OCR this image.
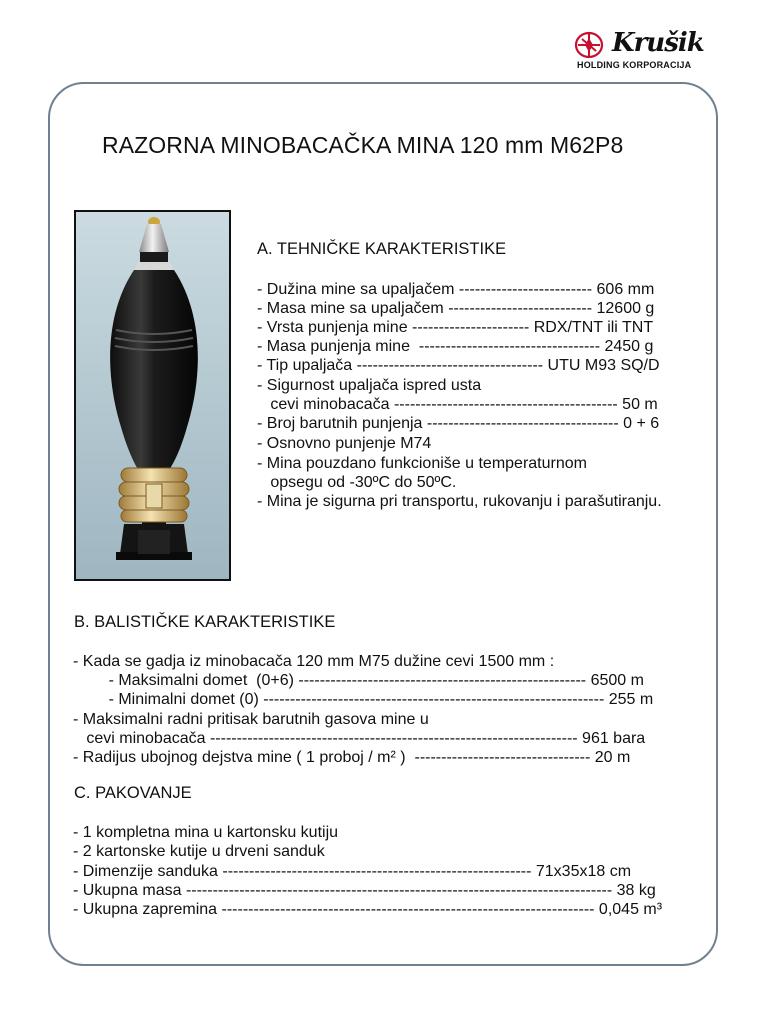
Krušik
HOLDING KORPORACIJA
RAZORNA MINOBACAČKA MINA 120 mm M62P8
A. TEHNIČKE KARAKTERISTIKE
- Dužina mine sa upaljačem ------------------------- 606 mm
- Masa mine sa upaljačem --------------------------- 12600 g
- Vrsta punjenja mine ---------------------- RDX/TNT ili TNT
- Masa punjenja mine  ---------------------------------- 2450 g
- Tip upaljača ----------------------------------- UTU M93 SQ/D
- Sigurnost upaljača ispred usta
cevi minobacača ------------------------------------------ 50 m
- Broj barutnih punjenja ------------------------------------ 0 + 6
- Osnovno punjenje M74
- Mina pouzdano funkcioniše u temperaturnom
opsegu od -30ºC do 50ºC.
- Mina je sigurna pri transportu, rukovanju i parašutiranju.
B. BALISTIČKE KARAKTERISTIKE
- Kada se gadja iz minobacača 120 mm M75 dužine cevi 1500 mm :
- Maksimalni domet  (0+6) ------------------------------------------------------ 6500 m
- Minimalni domet (0) ---------------------------------------------------------------- 255 m
- Maksimalni radni pritisak barutnih gasova mine u
cevi minobacača --------------------------------------------------------------------- 961 bara
- Radijus ubojnog dejstva mine ( 1 proboj / m² )  --------------------------------- 20 m
C. PAKOVANJE
- 1 kompletna mina u kartonsku kutiju
- 2 kartonske kutije u drveni sanduk
- Dimenzije sanduka ---------------------------------------------------------- 71x35x18 cm
- Ukupna masa -------------------------------------------------------------------------------- 38 kg
- Ukupna zapremina ---------------------------------------------------------------------- 0,045 m³
